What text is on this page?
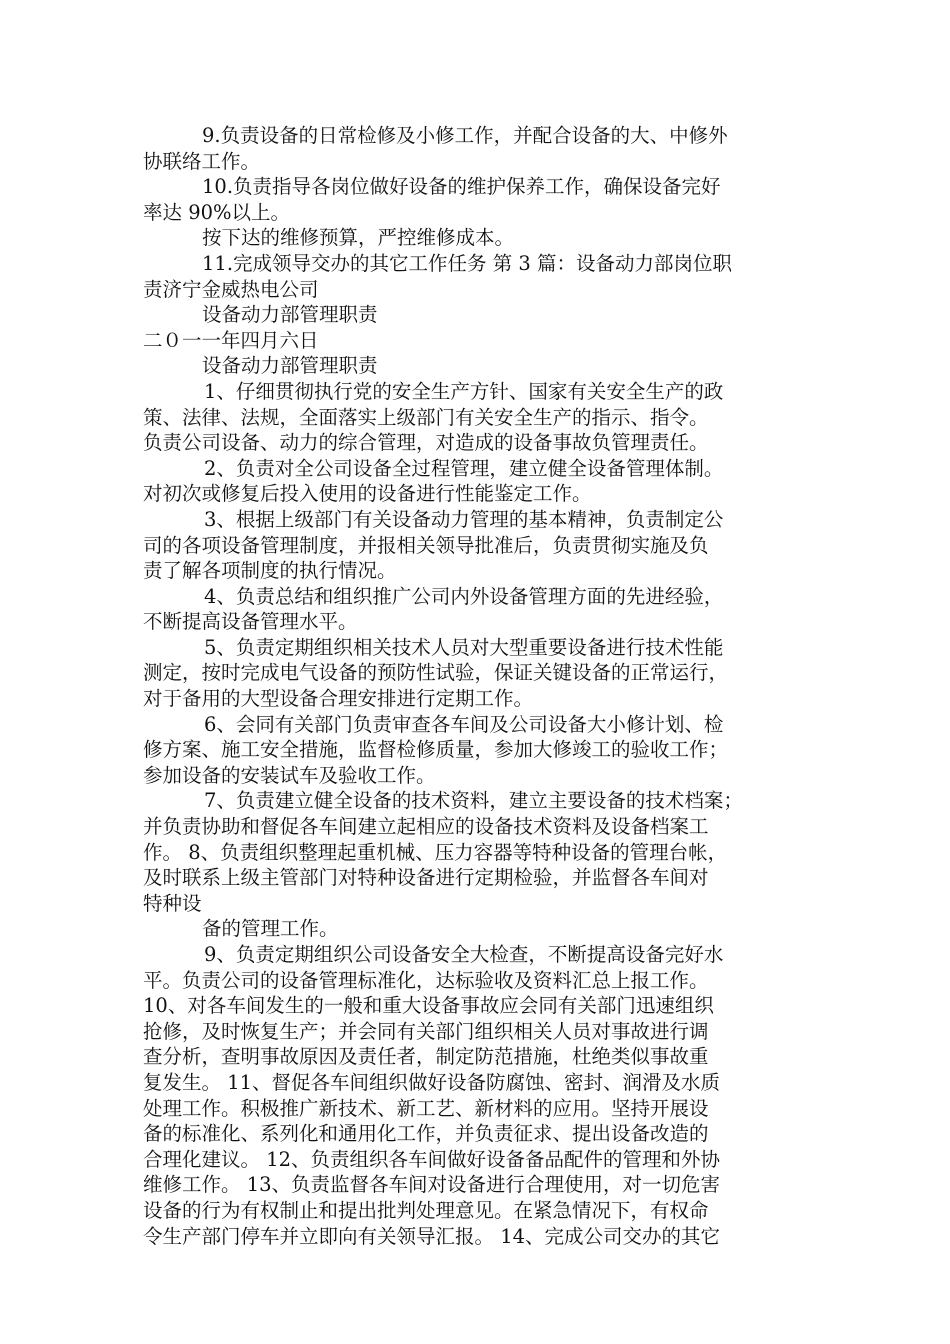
9.负责设备的日常检修及小修工作，并配合设备的大、中修外
协联络工作。
10.负责指导各岗位做好设备的维护保养工作，确保设备完好
率达 90%以上。
按下达的维修预算，严控维修成本。
11.完成领导交办的其它工作任务 第 3 篇：设备动力部岗位职
责济宁金威热电公司
设备动力部管理职责
二０一一年四月六日
设备动力部管理职责
1、仔细贯彻执行党的安全生产方针、国家有关安全生产的政
策、法律、法规，全面落实上级部门有关安全生产的指示、指令。
负责公司设备、动力的综合管理，对造成的设备事故负管理责任。
2、负责对全公司设备全过程管理，建立健全设备管理体制。
对初次或修复后投入使用的设备进行性能鉴定工作。
3、根据上级部门有关设备动力管理的基本精神，负责制定公
司的各项设备管理制度，并报相关领导批准后，负责贯彻实施及负
责了解各项制度的执行情况。
4、负责总结和组织推广公司内外设备管理方面的先进经验，
不断提高设备管理水平。
5、负责定期组织相关技术人员对大型重要设备进行技术性能
测定，按时完成电气设备的预防性试验，保证关键设备的正常运行，
对于备用的大型设备合理安排进行定期工作。
6、会同有关部门负责审查各车间及公司设备大小修计划、检
修方案、施工安全措施，监督检修质量，参加大修竣工的验收工作；
参加设备的安装试车及验收工作。
7、负责建立健全设备的技术资料，建立主要设备的技术档案；
并负责协助和督促各车间建立起相应的设备技术资料及设备档案工
作。 8、负责组织整理起重机械、压力容器等特种设备的管理台帐，
及时联系上级主管部门对特种设备进行定期检验，并监督各车间对
特种设
备的管理工作。
9、负责定期组织公司设备安全大检查，不断提高设备完好水
平。负责公司的设备管理标准化，达标验收及资料汇总上报工作。
10、对各车间发生的一般和重大设备事故应会同有关部门迅速组织
抢修，及时恢复生产；并会同有关部门组织相关人员对事故进行调
查分析，查明事故原因及责任者，制定防范措施，杜绝类似事故重
复发生。 11、督促各车间组织做好设备防腐蚀、密封、润滑及水质
处理工作。积极推广新技术、新工艺、新材料的应用。坚持开展设
备的标准化、系列化和通用化工作，并负责征求、提出设备改造的
合理化建议。 12、负责组织各车间做好设备备品配件的管理和外协
维修工作。 13、负责监督各车间对设备进行合理使用，对一切危害
设备的行为有权制止和提出批判处理意见。在紧急情况下，有权命
令生产部门停车并立即向有关领导汇报。 14、完成公司交办的其它
